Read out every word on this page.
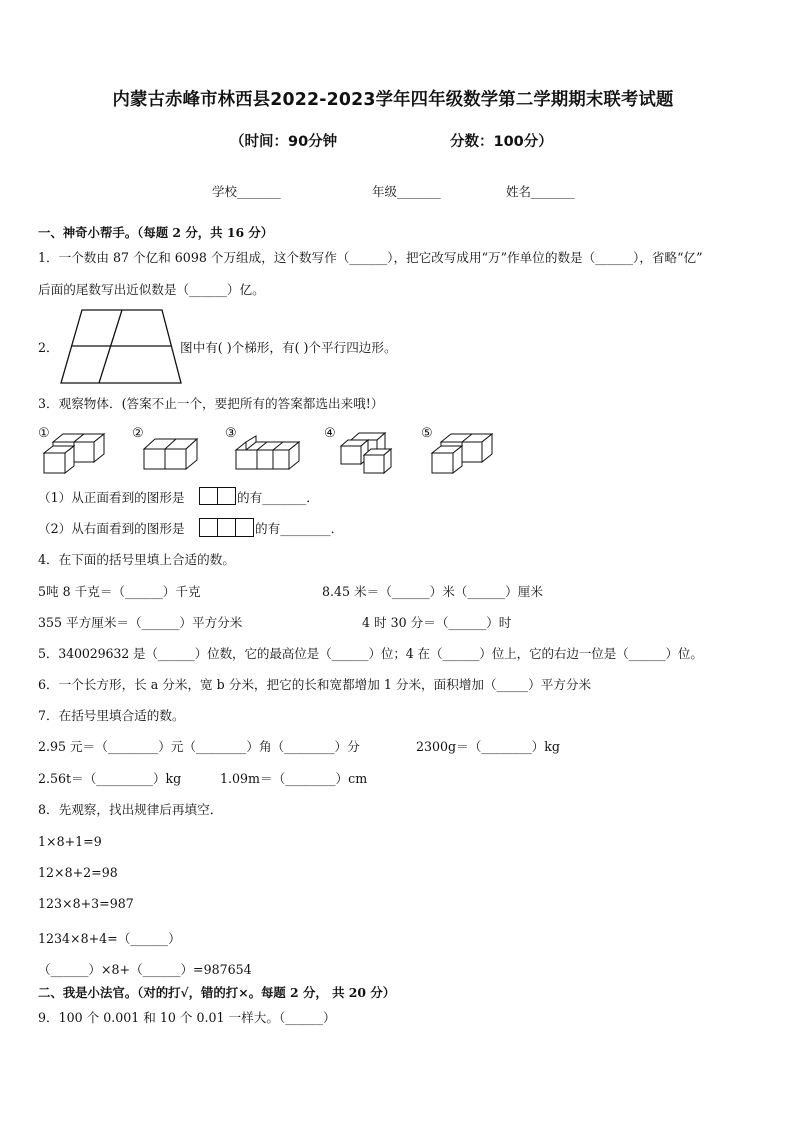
内蒙古赤峰市林西县2022-2023学年四年级数学第二学期期末联考试题
（时间：90分钟	分数：100分）
学校_______	年级_______	姓名_______
一、神奇小帮手。（每题 2 分，共 16 分）
1．一个数由 87 个亿和 6098 个万组成，这个数写作（______），把它改写成用“万”作单位的数是（______），省略“亿”
后面的尾数写出近似数是（______）亿。
2．	图中有( )个梯形，有( )个平行四边形。
3．观察物体．(答案不止一个，要把所有的答案都选出来哦!）
①	②	③	④	⑤
（1）从正面看到的图形是	的有_______．
（2）从右面看到的图形是	的有________．
4．在下面的括号里填上合适的数。
5吨 8 千克＝（______）千克	8.45 米＝（______）米（______）厘米
355 平方厘米＝（______）平方分米	4 时 30 分＝（______）时
5．340029632 是（______）位数，它的最高位是（______）位；4 在（______）位上，它的右边一位是（______）位。
6．一个长方形，长 a 分米，宽 b 分米，把它的长和宽都增加 1 分米，面积增加（_____）平方分米
7．在括号里填合适的数。
2.95 元＝（________）元（________）角（________）分	2300g＝（________）kg
2.56t＝（_________）kg	1.09m＝（________）cm
8．先观察，找出规律后再填空．
1×8+1=9
12×8+2=98
123×8+3=987
1234×8+4=（______）
（______）×8+（______）=987654
二、我是小法官。（对的打√，错的打×。每题 2 分， 共 20 分）
9．100 个 0.001 和 10 个 0.01 一样大。（______）
